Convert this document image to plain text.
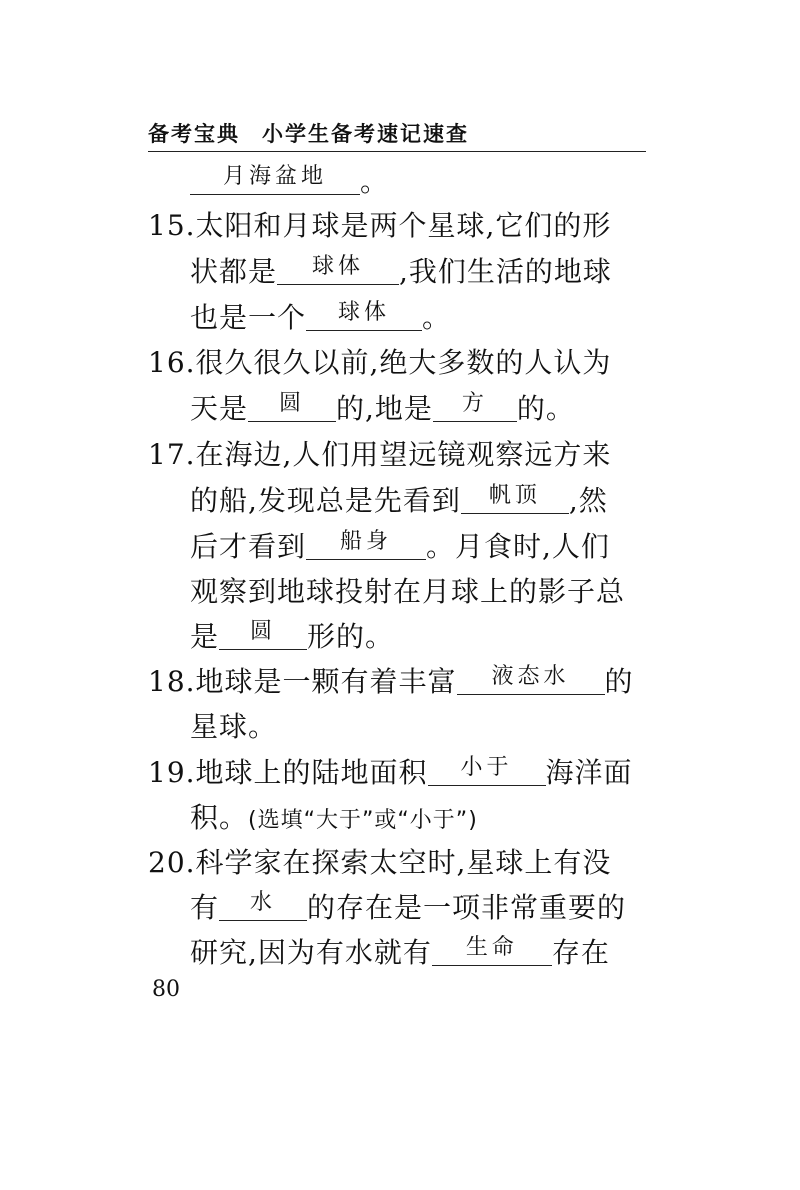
备考宝典 小学生备考速记速查
月海盆地 。
15.太阳和月球是两个星球,它们的形
状都是 球体 ,我们生活的地球
也是一个 球体 。
16.很久很久以前,绝大多数的人认为
天是 圆 的,地是 方 的。
17.在海边,人们用望远镜观察远方来
的船,发现总是先看到 帆顶 ,然
后才看到 船身 。月食时,人们
观察到地球投射在月球上的影子总
是 圆 形的。
18.地球是一颗有着丰富 液态水 的
星球。
19.地球上的陆地面积 小于 海洋面
积。(选填“大于”或“小于”)
20.科学家在探索太空时,星球上有没
有 水 的存在是一项非常重要的
研究,因为有水就有 生命 存在
80
